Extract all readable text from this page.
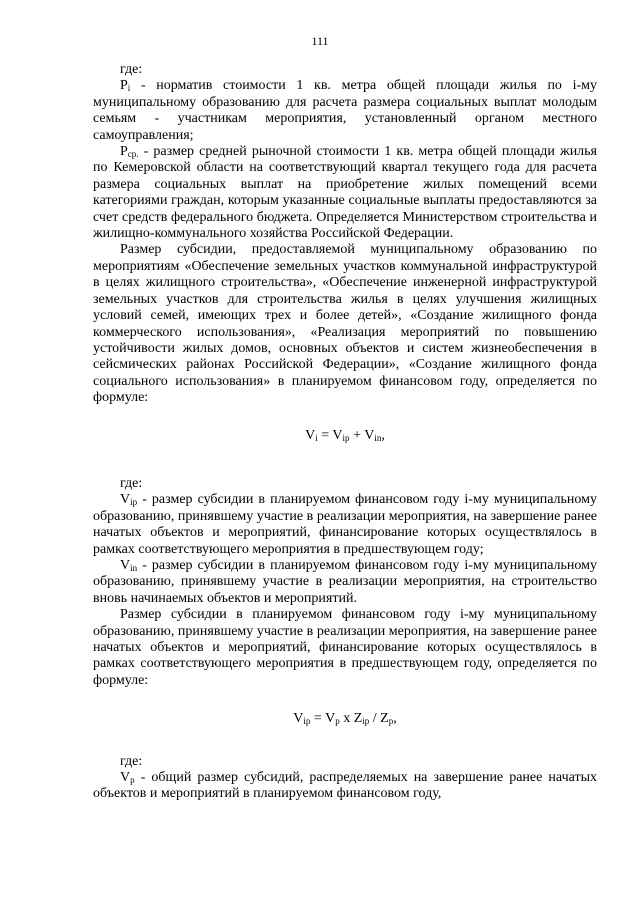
111

где:

$P_i$ - норматив стоимости 1 кв. метра общей площади жилья по i-му муниципальному образованию для расчета размера социальных выплат молодым семьям - участникам мероприятия, установленный органом местного самоуправления;

$P_{ср.}$ - размер средней рыночной стоимости 1 кв. метра общей площади жилья по Кемеровской области на соответствующий квартал текущего года для расчета размера социальных выплат на приобретение жилых помещений всеми категориями граждан, которым указанные социальные выплаты предоставляются за счет средств федерального бюджета. Определяется Министерством строительства и жилищно-коммунального хозяйства Российской Федерации.

Размер субсидии, предоставляемой муниципальному образованию по мероприятиям «Обеспечение земельных участков коммунальной инфраструктурой в целях жилищного строительства», «Обеспечение инженерной инфраструктурой земельных участков для строительства жилья в целях улучшения жилищных условий семей, имеющих трех и более детей», «Создание жилищного фонда коммерческого использования», «Реализация мероприятий по повышению устойчивости жилых домов, основных объектов и систем жизнеобеспечения в сейсмических районах Российской Федерации», «Создание жилищного фонда социального использования» в планируемом финансовом году, определяется по формуле:

$V_i = V_{ip} + V_{in}$,

где:

$V_{ip}$ - размер субсидии в планируемом финансовом году i-му муниципальному образованию, принявшему участие в реализации мероприятия, на завершение ранее начатых объектов и мероприятий, финансирование которых осуществлялось в рамках соответствующего мероприятия в предшествующем году;

$V_{in}$ - размер субсидии в планируемом финансовом году i-му муниципальному образованию, принявшему участие в реализации мероприятия, на строительство вновь начинаемых объектов и мероприятий.

Размер субсидии в планируемом финансовом году i-му муниципальному образованию, принявшему участие в реализации мероприятия, на завершение ранее начатых объектов и мероприятий, финансирование которых осуществлялось в рамках соответствующего мероприятия в предшествующем году, определяется по формуле:

$V_{ip} = V_p$ x $Z_{ip} / Z_p$,

где:

$V_p$ - общий размер субсидий, распределяемых на завершение ранее начатых объектов и мероприятий в планируемом финансовом году,
